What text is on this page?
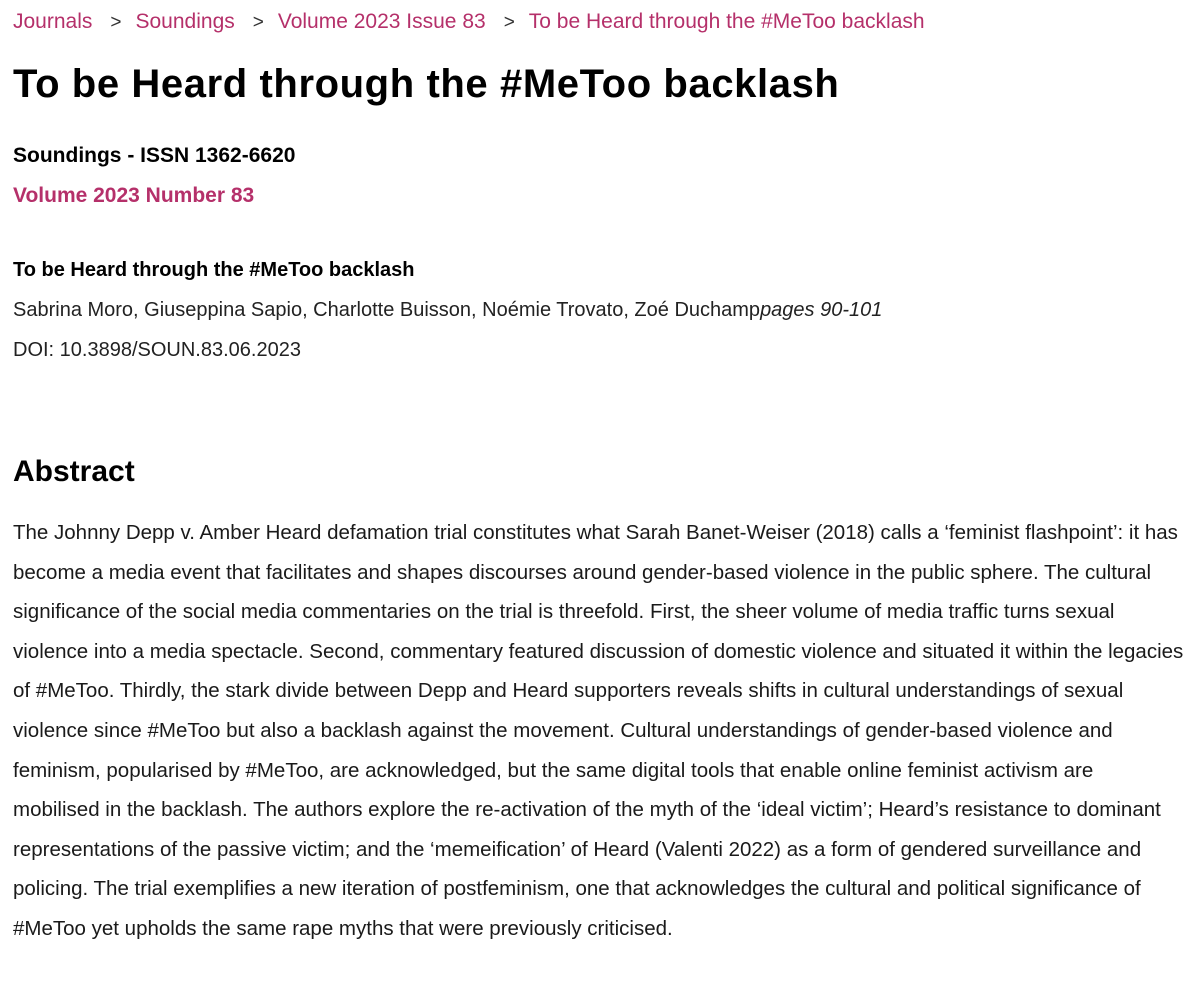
Journals > Soundings > Volume 2023 Issue 83 > To be Heard through the #MeToo backlash
To be Heard through the #MeToo backlash
Soundings - ISSN 1362-6620
Volume 2023 Number 83
To be Heard through the #MeToo backlash
Sabrina Moro, Giuseppina Sapio, Charlotte Buisson, Noémie Trovato, Zoé Duchamppages 90-101
DOI: 10.3898/SOUN.83.06.2023
Abstract

The Johnny Depp v. Amber Heard defamation trial constitutes what Sarah Banet-Weiser (2018) calls a ‘feminist flashpoint’: it has become a media event that facilitates and shapes discourses around gender-based violence in the public sphere. The cultural significance of the social media commentaries on the trial is threefold. First, the sheer volume of media traffic turns sexual violence into a media spectacle. Second, commentary featured discussion of domestic violence and situated it within the legacies of #MeToo. Thirdly, the stark divide between Depp and Heard supporters reveals shifts in cultural understandings of sexual violence since #MeToo but also a backlash against the movement. Cultural understandings of gender-based violence and feminism, popularised by #MeToo, are acknowledged, but the same digital tools that enable online feminist activism are mobilised in the backlash. The authors explore the re-activation of the myth of the ‘ideal victim’; Heard’s resistance to dominant representations of the passive victim; and the ‘memeification’ of Heard (Valenti 2022) as a form of gendered surveillance and policing. The trial exemplifies a new iteration of postfeminism, one that acknowledges the cultural and political significance of #MeToo yet upholds the same rape myths that were previously criticised.
